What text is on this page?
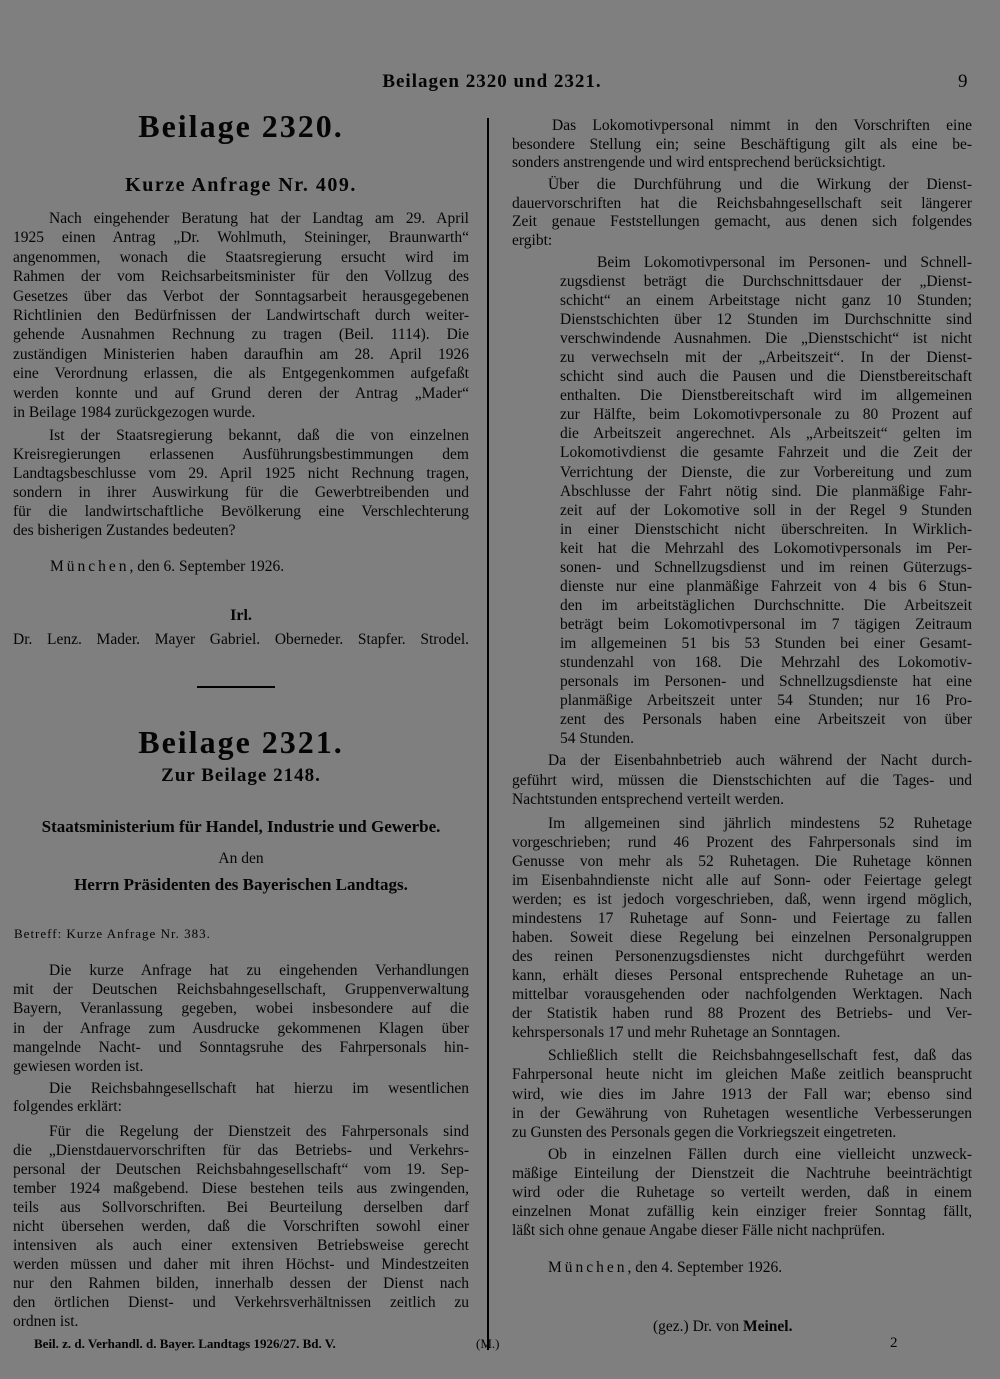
Beilagen 2320 und 2321.	9
Beilage 2320.
Kurze Anfrage Nr. 409.
Nach eingehender Beratung hat der Landtag am 29. April
1925 einen Antrag „Dr. Wohlmuth, Steininger, Braunwarth“
angenommen, wonach die Staatsregierung ersucht wird im
Rahmen der vom Reichsarbeitsminister für den Vollzug des
Gesetzes über das Verbot der Sonntagsarbeit herausgegebenen
Richtlinien den Bedürfnissen der Landwirtschaft durch weiter-
gehende Ausnahmen Rechnung zu tragen (Beil. 1114). Die
zuständigen Ministerien haben daraufhin am 28. April 1926
eine Verordnung erlassen, die als Entgegenkommen aufgefaßt
werden konnte und auf Grund deren der Antrag „Mader“
in Beilage 1984 zurückgezogen wurde.
Ist der Staatsregierung bekannt, daß die von einzelnen
Kreisregierungen erlassenen Ausführungsbestimmungen dem
Landtagsbeschlusse vom 29. April 1925 nicht Rechnung tragen,
sondern in ihrer Auswirkung für die Gewerbtreibenden und
für die landwirtschaftliche Bevölkerung eine Verschlechterung
des bisherigen Zustandes bedeuten?
München, den 6. September 1926.
Irl.
Dr. Lenz. Mader. Mayer Gabriel. Oberneder. Stapfer. Strodel.
Beilage 2321.
Zur Beilage 2148.
Staatsministerium für Handel, Industrie und Gewerbe.
An den
Herrn Präsidenten des Bayerischen Landtags.
Betreff: Kurze Anfrage Nr. 383.
Die kurze Anfrage hat zu eingehenden Verhandlungen
mit der Deutschen Reichsbahngesellschaft, Gruppenverwaltung
Bayern, Veranlassung gegeben, wobei insbesondere auf die
in der Anfrage zum Ausdrucke gekommenen Klagen über
mangelnde Nacht- und Sonntagsruhe des Fahrpersonals hin-
gewiesen worden ist.
Die Reichsbahngesellschaft hat hierzu im wesentlichen
folgendes erklärt:
Für die Regelung der Dienstzeit des Fahrpersonals sind
die „Dienstdauervorschriften für das Betriebs- und Verkehrs-
personal der Deutschen Reichsbahngesellschaft“ vom 19. Sep-
tember 1924 maßgebend. Diese bestehen teils aus zwingenden,
teils aus Sollvorschriften. Bei Beurteilung derselben darf
nicht übersehen werden, daß die Vorschriften sowohl einer
intensiven als auch einer extensiven Betriebsweise gerecht
werden müssen und daher mit ihren Höchst- und Mindestzeiten
nur den Rahmen bilden, innerhalb dessen der Dienst nach
den örtlichen Dienst- und Verkehrsverhältnissen zeitlich zu
ordnen ist.
Das Lokomotivpersonal nimmt in den Vorschriften eine
besondere Stellung ein; seine Beschäftigung gilt als eine be-
sonders anstrengende und wird entsprechend berücksichtigt.
Über die Durchführung und die Wirkung der Dienst-
dauervorschriften hat die Reichsbahngesellschaft seit längerer
Zeit genaue Feststellungen gemacht, aus denen sich folgendes
ergibt:
Beim Lokomotivpersonal im Personen- und Schnell-
zugsdienst beträgt die Durchschnittsdauer der „Dienst-
schicht“ an einem Arbeitstage nicht ganz 10 Stunden;
Dienstschichten über 12 Stunden im Durchschnitte sind
verschwindende Ausnahmen. Die „Dienstschicht“ ist nicht
zu verwechseln mit der „Arbeitszeit“. In der Dienst-
schicht sind auch die Pausen und die Dienstbereitschaft
enthalten. Die Dienstbereitschaft wird im allgemeinen
zur Hälfte, beim Lokomotivpersonale zu 80 Prozent auf
die Arbeitszeit angerechnet. Als „Arbeitszeit“ gelten im
Lokomotivdienst die gesamte Fahrzeit und die Zeit der
Verrichtung der Dienste, die zur Vorbereitung und zum
Abschlusse der Fahrt nötig sind. Die planmäßige Fahr-
zeit auf der Lokomotive soll in der Regel 9 Stunden
in einer Dienstschicht nicht überschreiten. In Wirklich-
keit hat die Mehrzahl des Lokomotivpersonals im Per-
sonen- und Schnellzugsdienst und im reinen Güterzugs-
dienste nur eine planmäßige Fahrzeit von 4 bis 6 Stun-
den im arbeitstäglichen Durchschnitte. Die Arbeitszeit
beträgt beim Lokomotivpersonal im 7 tägigen Zeitraum
im allgemeinen 51 bis 53 Stunden bei einer Gesamt-
stundenzahl von 168. Die Mehrzahl des Lokomotiv-
personals im Personen- und Schnellzugsdienste hat eine
planmäßige Arbeitszeit unter 54 Stunden; nur 16 Pro-
zent des Personals haben eine Arbeitszeit von über
54 Stunden.
Da der Eisenbahnbetrieb auch während der Nacht durch-
geführt wird, müssen die Dienstschichten auf die Tages- und
Nachtstunden entsprechend verteilt werden.
Im allgemeinen sind jährlich mindestens 52 Ruhetage
vorgeschrieben; rund 46 Prozent des Fahrpersonals sind im
Genusse von mehr als 52 Ruhetagen. Die Ruhetage können
im Eisenbahndienste nicht alle auf Sonn- oder Feiertage gelegt
werden; es ist jedoch vorgeschrieben, daß, wenn irgend möglich,
mindestens 17 Ruhetage auf Sonn- und Feiertage zu fallen
haben. Soweit diese Regelung bei einzelnen Personalgruppen
des reinen Personenzugsdienstes nicht durchgeführt werden
kann, erhält dieses Personal entsprechende Ruhetage an un-
mittelbar vorausgehenden oder nachfolgenden Werktagen. Nach
der Statistik haben rund 88 Prozent des Betriebs- und Ver-
kehrspersonals 17 und mehr Ruhetage an Sonntagen.
Schließlich stellt die Reichsbahngesellschaft fest, daß das
Fahrpersonal heute nicht im gleichen Maße zeitlich beansprucht
wird, wie dies im Jahre 1913 der Fall war; ebenso sind
in der Gewährung von Ruhetagen wesentliche Verbesserungen
zu Gunsten des Personals gegen die Vorkriegszeit eingetreten.
Ob in einzelnen Fällen durch eine vielleicht unzweck-
mäßige Einteilung der Dienstzeit die Nachtruhe beeinträchtigt
wird oder die Ruhetage so verteilt werden, daß in einem
einzelnen Monat zufällig kein einziger freier Sonntag fällt,
läßt sich ohne genaue Angabe dieser Fälle nicht nachprüfen.
München, den 4. September 1926.
(gez.) Dr. von Meinel.
Beil. z. d. Verhandl. d. Bayer. Landtags 1926/27. Bd. V.	(M.)	2
